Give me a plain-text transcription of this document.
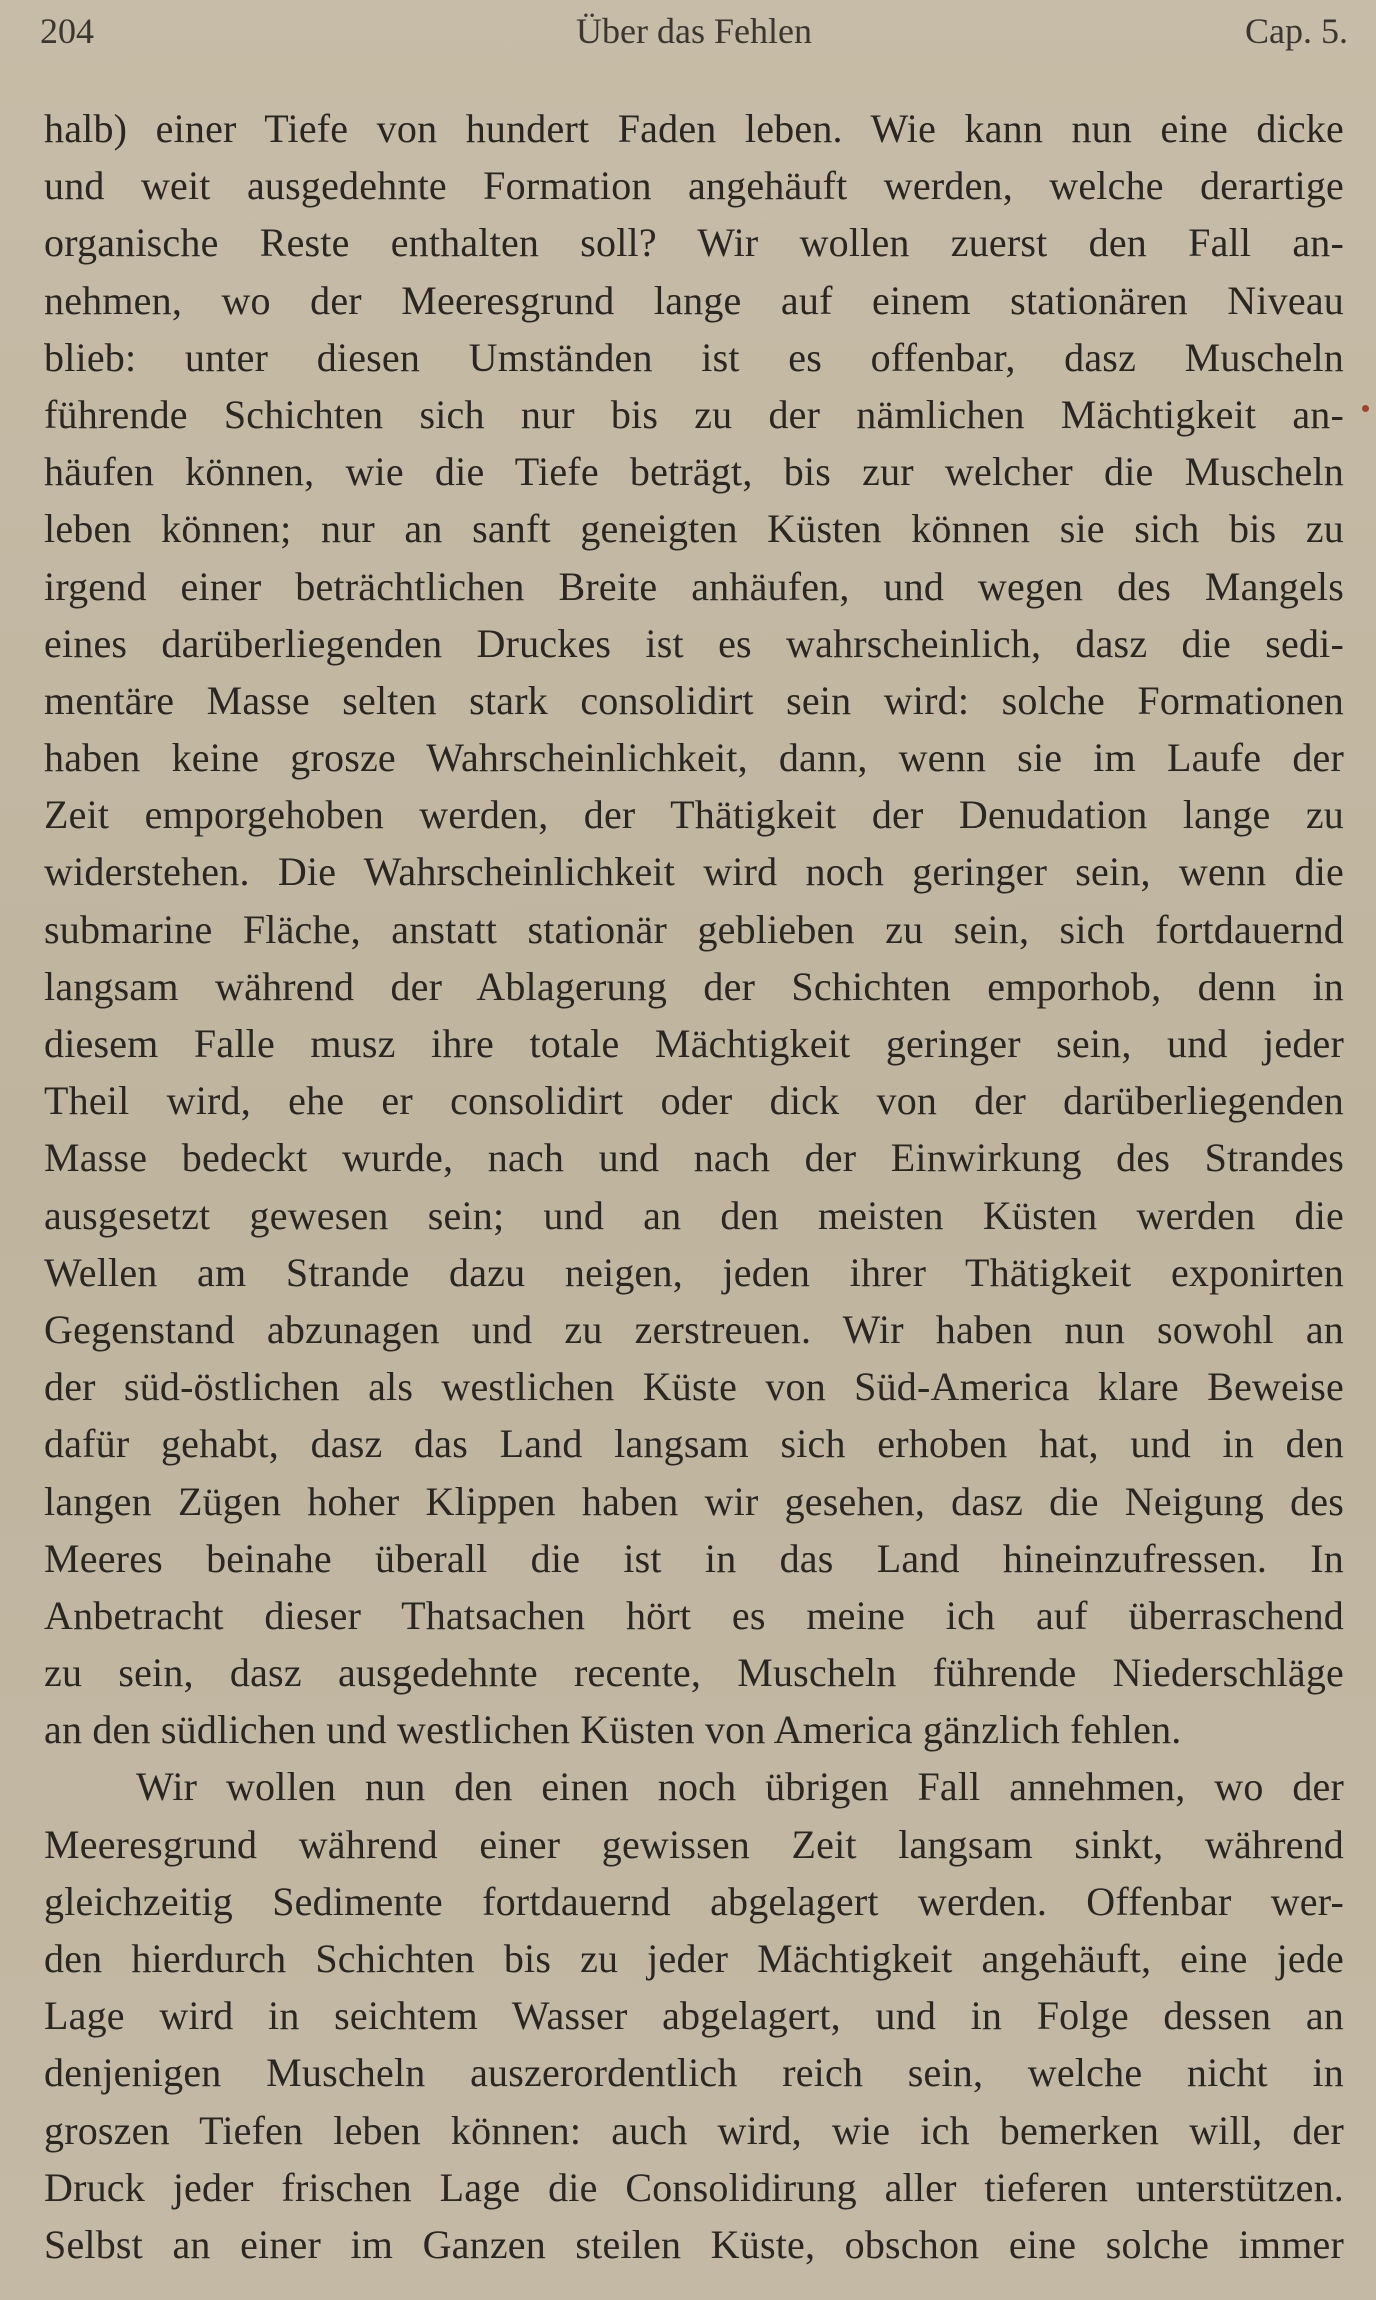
204	Über das Fehlen	Cap. 5.
halb) einer Tiefe von hundert Faden leben. Wie kann nun eine dicke
und weit ausgedehnte Formation angehäuft werden, welche derartige
organische Reste enthalten soll? Wir wollen zuerst den Fall an-
nehmen, wo der Meeresgrund lange auf einem stationären Niveau
blieb: unter diesen Umständen ist es offenbar, dasz Muscheln
führende Schichten sich nur bis zu der nämlichen Mächtigkeit an-
häufen können, wie die Tiefe beträgt, bis zur welcher die Muscheln
leben können; nur an sanft geneigten Küsten können sie sich bis zu
irgend einer beträchtlichen Breite anhäufen, und wegen des Mangels
eines darüberliegenden Druckes ist es wahrscheinlich, dasz die sedi-
mentäre Masse selten stark consolidirt sein wird: solche Formationen
haben keine grosze Wahrscheinlichkeit, dann, wenn sie im Laufe der
Zeit emporgehoben werden, der Thätigkeit der Denudation lange zu
widerstehen. Die Wahrscheinlichkeit wird noch geringer sein, wenn die
submarine Fläche, anstatt stationär geblieben zu sein, sich fortdauernd
langsam während der Ablagerung der Schichten emporhob, denn in
diesem Falle musz ihre totale Mächtigkeit geringer sein, und jeder
Theil wird, ehe er consolidirt oder dick von der darüberliegenden
Masse bedeckt wurde, nach und nach der Einwirkung des Strandes
ausgesetzt gewesen sein; und an den meisten Küsten werden die
Wellen am Strande dazu neigen, jeden ihrer Thätigkeit exponirten
Gegenstand abzunagen und zu zerstreuen. Wir haben nun sowohl an
der süd-östlichen als westlichen Küste von Süd-America klare Beweise
dafür gehabt, dasz das Land langsam sich erhoben hat, und in den
langen Zügen hoher Klippen haben wir gesehen, dasz die Neigung des
Meeres beinahe überall die ist in das Land hineinzufressen. In
Anbetracht dieser Thatsachen hört es meine ich auf überraschend
zu sein, dasz ausgedehnte recente, Muscheln führende Niederschläge
an den südlichen und westlichen Küsten von America gänzlich fehlen.
Wir wollen nun den einen noch übrigen Fall annehmen, wo der
Meeresgrund während einer gewissen Zeit langsam sinkt, während
gleichzeitig Sedimente fortdauernd abgelagert werden. Offenbar wer-
den hierdurch Schichten bis zu jeder Mächtigkeit angehäuft, eine jede
Lage wird in seichtem Wasser abgelagert, und in Folge dessen an
denjenigen Muscheln auszerordentlich reich sein, welche nicht in
groszen Tiefen leben können: auch wird, wie ich bemerken will, der
Druck jeder frischen Lage die Consolidirung aller tieferen unterstützen.
Selbst an einer im Ganzen steilen Küste, obschon eine solche immer
